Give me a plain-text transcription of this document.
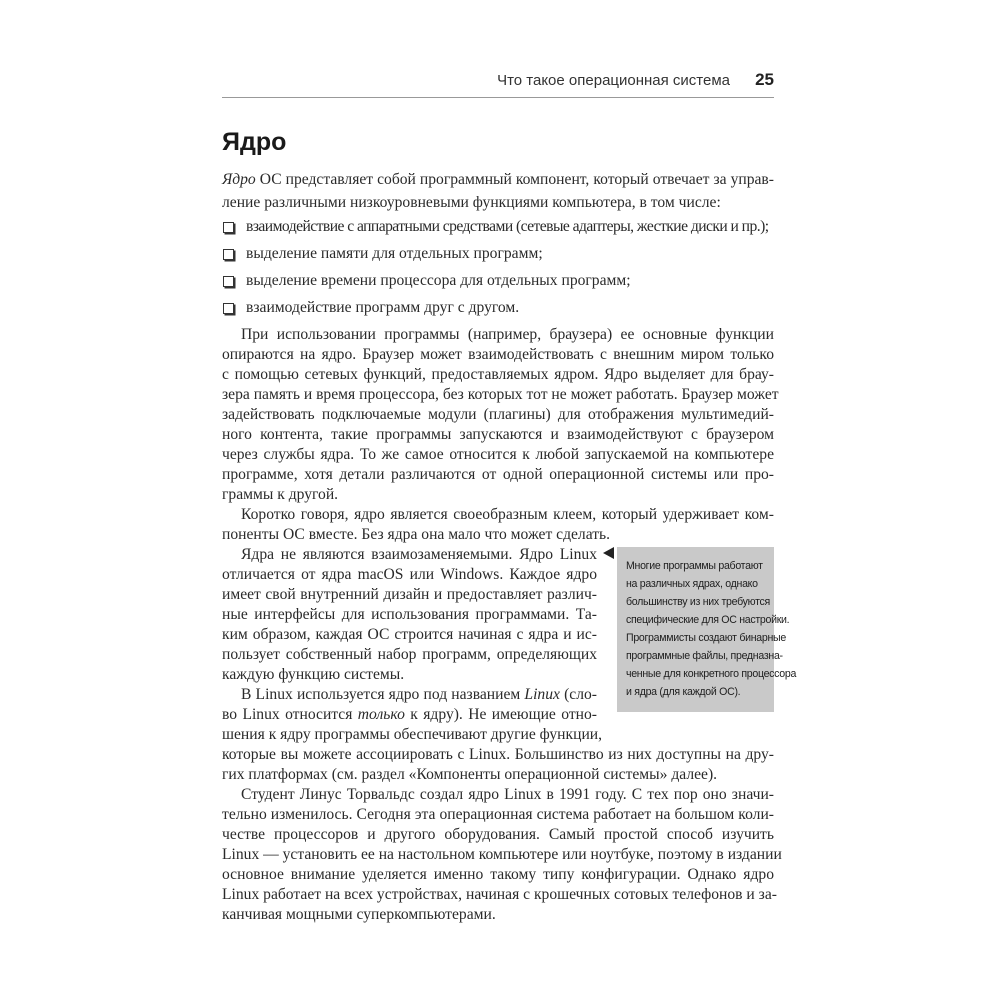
Что такое операционная система 25
Ядро
Ядро ОС представляет собой программный компонент, который отвечает за управ-
ление различными низкоуровневыми функциями компьютера, в том числе:
взаимодействие с аппаратными средствами (сетевые адаптеры, жесткие диски и пр.);
выделение памяти для отдельных программ;
выделение времени процессора для отдельных программ;
взаимодействие программ друг с другом.
При использовании программы (например, браузера) ее основные функции
опираются на ядро. Браузер может взаимодействовать с внешним миром только
с помощью сетевых функций, предоставляемых ядром. Ядро выделяет для брау-
зера память и время процессора, без которых тот не может работать. Браузер может
задействовать подключаемые модули (плагины) для отображения мультимедий-
ного контента, такие программы запускаются и взаимодействуют с браузером
через службы ядра. То же самое относится к любой запускаемой на компьютере
программе, хотя детали различаются от одной операционной системы или про-
граммы к другой.
Коротко говоря, ядро является своеобразным клеем, который удерживает ком-
поненты ОС вместе. Без ядра она мало что может сделать.
Ядра не являются взаимозаменяемыми. Ядро Linux
отличается от ядра macOS или Windows. Каждое ядро
имеет свой внутренний дизайн и предоставляет различ-
ные интерфейсы для использования программами. Та-
ким образом, каждая ОС строится начиная с ядра и ис-
пользует собственный набор программ, определяющих
каждую функцию системы.
В Linux используется ядро под названием Linux (сло-
во Linux относится только к ядру). Не имеющие отно-
шения к ядру программы обеспечивают другие функции,
которые вы можете ассоциировать с Linux. Большинство из них доступны на дру-
гих платформах (см. раздел «Компоненты операционной системы» далее).
Студент Линус Торвальдс создал ядро Linux в 1991 году. С тех пор оно значи-
тельно изменилось. Сегодня эта операционная система работает на большом коли-
честве процессоров и другого оборудования. Самый простой способ изучить
Linux — установить ее на настольном компьютере или ноутбуке, поэтому в издании
основное внимание уделяется именно такому типу конфигурации. Однако ядро
Linux работает на всех устройствах, начиная с крошечных сотовых телефонов и за-
канчивая мощными суперкомпьютерами.
Многие программы работают
на различных ядрах, однако
большинству из них требуются
специфические для ОС настройки.
Программисты создают бинарные
программные файлы, предназна-
ченные для конкретного процессора
и ядра (для каждой ОС).
